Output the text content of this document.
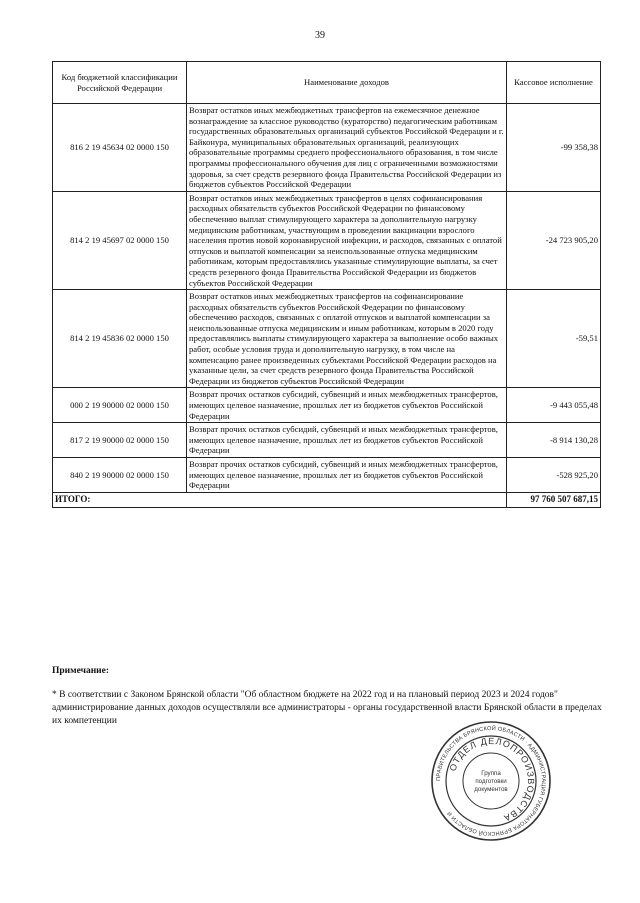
39
Код бюджетной классификации Российской Федерации	Наименование доходов	Кассовое исполнение
816 2 19 45634 02 0000 150	Возврат остатков иных межбюджетных трансфертов на ежемесячное денежное вознаграждение за классное руководство (кураторство) педагогическим работникам государственных образовательных организаций субъектов Российской Федерации и г. Байконура, муниципальных образовательных организаций, реализующих образовательные программы среднего профессионального образования, в том числе программы профессионального обучения для лиц с ограниченными возможностями здоровья, за счет средств резервного фонда Правительства Российской Федерации из бюджетов субъектов Российской Федерации	-99 358,38
814 2 19 45697 02 0000 150	Возврат остатков иных межбюджетных трансфертов в целях софинансирования расходных обязательств субъектов Российской Федерации по финансовому обеспечению выплат стимулирующего характера за дополнительную нагрузку медицинским работникам, участвующим в проведении вакцинации взрослого населения против новой коронавирусной инфекции, и расходов, связанных с оплатой отпусков и выплатой компенсации за неиспользованные отпуска медицинским работникам, которым предоставлялись указанные стимулирующие выплаты, за счет средств резервного фонда Правительства Российской Федерации из бюджетов субъектов Российской Федерации	-24 723 905,20
814 2 19 45836 02 0000 150	Возврат остатков иных межбюджетных трансфертов на софинансирование расходных обязательств субъектов Российской Федерации по финансовому обеспечению расходов, связанных с оплатой отпусков и выплатой компенсации за неиспользованные отпуска медицинским и иным работникам, которым в 2020 году предоставлялись выплаты стимулирующего характера за выполнение особо важных работ, особые условия труда и дополнительную нагрузку, в том числе на компенсацию ранее произведенных субъектами Российской Федерации расходов на указанные цели, за счет средств резервного фонда Правительства Российской Федерации из бюджетов субъектов Российской Федерации	-59,51
000 2 19 90000 02 0000 150	Возврат прочих остатков субсидий, субвенций и иных межбюджетных трансфертов, имеющих целевое назначение, прошлых лет из бюджетов субъектов Российской Федерации	-9 443 055,48
817 2 19 90000 02 0000 150	Возврат прочих остатков субсидий, субвенций и иных межбюджетных трансфертов, имеющих целевое назначение, прошлых лет из бюджетов субъектов Российской Федерации	-8 914 130,28
840 2 19 90000 02 0000 150	Возврат прочих остатков субсидий, субвенций и иных межбюджетных трансфертов, имеющих целевое назначение, прошлых лет из бюджетов субъектов Российской Федерации	-528 925,20
ИТОГО:		97 760 507 687,15
Примечание:
* В соответствии с Законом Брянской области "Об областном бюджете на 2022 год и на плановый период 2023 и 2024 годов" администрирование данных доходов осуществляли все администраторы - органы государственной власти Брянской области в пределах их компетенции
ПРАВИТЕЛЬСТВА БРЯНСКОЙ ОБЛАСТИ · АДМИНИСТРАЦИЯ ГУБЕРНАТОРА БРЯНСКОЙ ОБЛАСТИ И
ОТДЕЛ ДЕЛОПРОИЗВОДСТВА
Группа
подготовки
документов
